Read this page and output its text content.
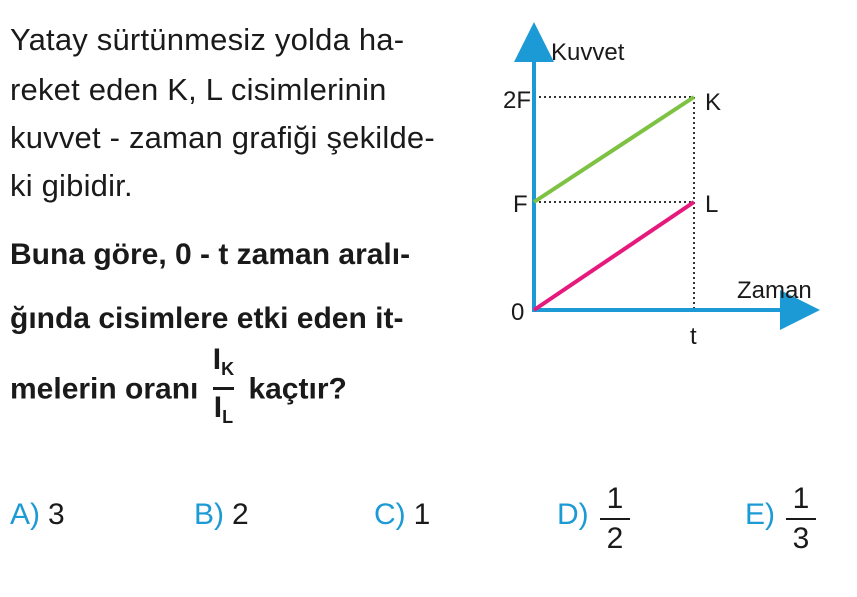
Yatay sürtünmesiz yolda ha-
reket eden K, L cisimlerinin
kuvvet - zaman grafiği şekilde-
ki gibidir.
Buna göre, 0 - t zaman aralı-
ğında cisimlere etki eden it-
melerin oranı $\frac{I_K}{I_L}$ kaçtır?
Kuvvet
Zaman
2F
F
0
t
K
L
A) 3	B) 2	C) 1	D) 1
2
E) 1
3
